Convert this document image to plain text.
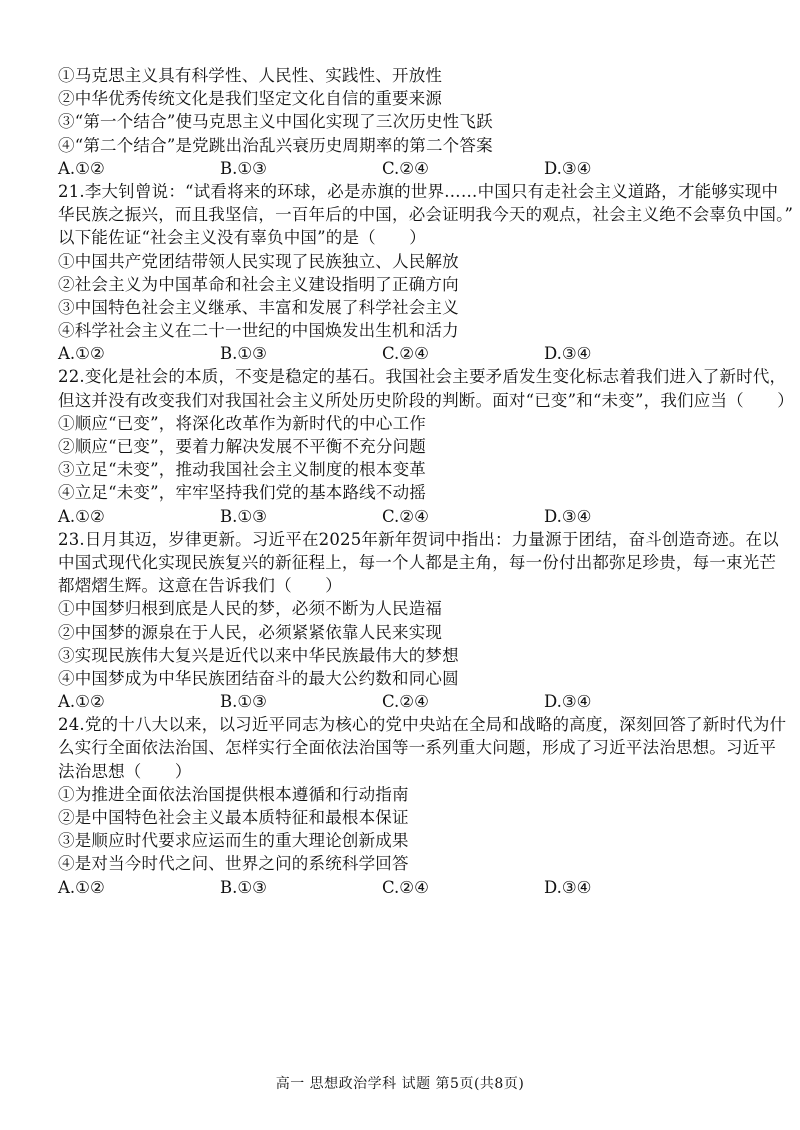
①马克思主义具有科学性、人民性、实践性、开放性
②中华优秀传统文化是我们坚定文化自信的重要来源
③“第一个结合”使马克思主义中国化实现了三次历史性飞跃
④“第二个结合”是党跳出治乱兴衰历史周期率的第二个答案
A.①②	B.①③	C.②④	D.③④
21.李大钊曾说：“试看将来的环球，必是赤旗的世界……中国只有走社会主义道路，才能够实现中
华民族之振兴，而且我坚信，一百年后的中国，必会证明我今天的观点，社会主义绝不会辜负中国。”
以下能佐证“社会主义没有辜负中国”的是（　　）
①中国共产党团结带领人民实现了民族独立、人民解放
②社会主义为中国革命和社会主义建设指明了正确方向
③中国特色社会主义继承、丰富和发展了科学社会主义
④科学社会主义在二十一世纪的中国焕发出生机和活力
A.①②	B.①③	C.②④	D.③④
22.变化是社会的本质，不变是稳定的基石。我国社会主要矛盾发生变化标志着我们进入了新时代，
但这并没有改变我们对我国社会主义所处历史阶段的判断。面对“已变”和“未变”，我们应当（　　）
①顺应“已变”，将深化改革作为新时代的中心工作
②顺应“已变”，要着力解决发展不平衡不充分问题
③立足“未变”，推动我国社会主义制度的根本变革
④立足“未变”，牢牢坚持我们党的基本路线不动摇
A.①②	B.①③	C.②④	D.③④
23.日月其迈，岁律更新。习近平在2025年新年贺词中指出：力量源于团结，奋斗创造奇迹。在以
中国式现代化实现民族复兴的新征程上，每一个人都是主角，每一份付出都弥足珍贵，每一束光芒
都熠熠生辉。这意在告诉我们（　　）
①中国梦归根到底是人民的梦，必须不断为人民造福
②中国梦的源泉在于人民，必须紧紧依靠人民来实现
③实现民族伟大复兴是近代以来中华民族最伟大的梦想
④中国梦成为中华民族团结奋斗的最大公约数和同心圆
A.①②	B.①③	C.②④	D.③④
24.党的十八大以来，以习近平同志为核心的党中央站在全局和战略的高度，深刻回答了新时代为什
么实行全面依法治国、怎样实行全面依法治国等一系列重大问题，形成了习近平法治思想。习近平
法治思想（　　）
①为推进全面依法治国提供根本遵循和行动指南
②是中国特色社会主义最本质特征和最根本保证
③是顺应时代要求应运而生的重大理论创新成果
④是对当今时代之问、世界之问的系统科学回答
A.①②	B.①③	C.②④	D.③④
高一 思想政治学科 试题 第5页(共8页)
